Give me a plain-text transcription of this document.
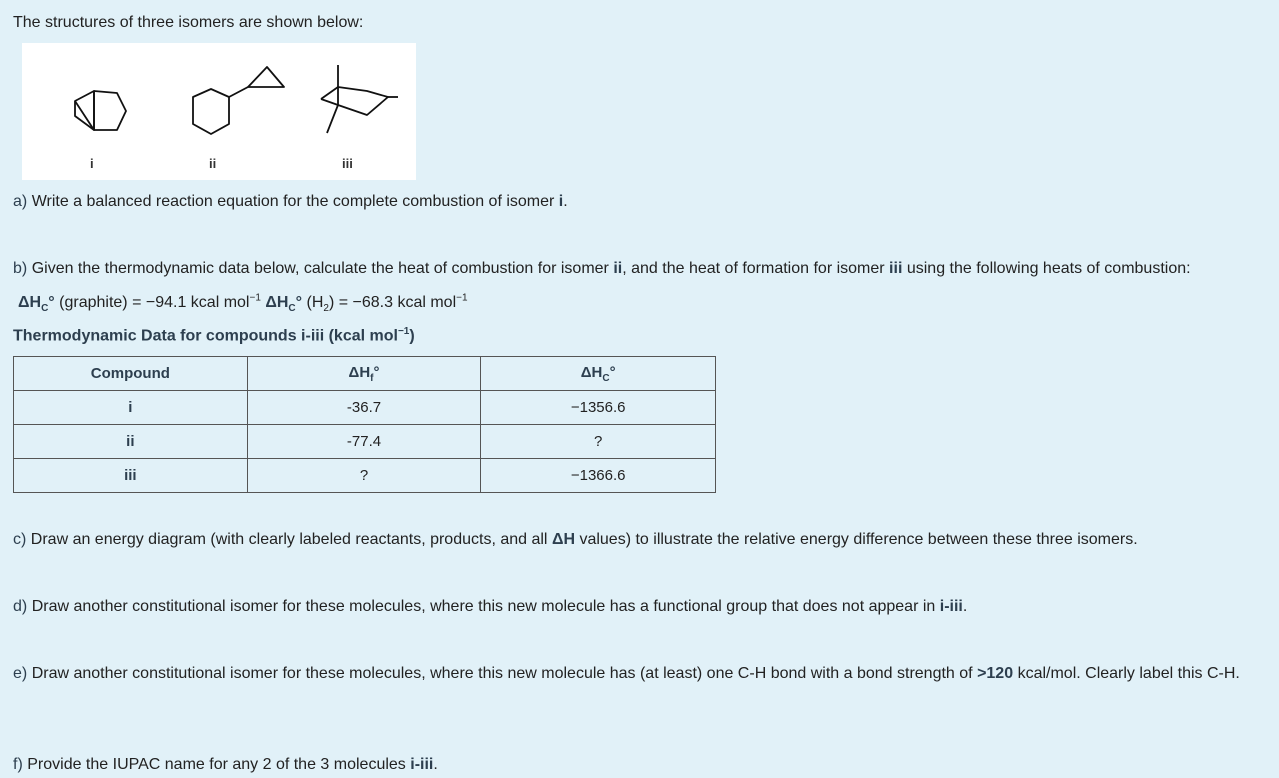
The structures of three isomers are shown below:
i	ii	iii
a) Write a balanced reaction equation for the complete combustion of isomer i.
b) Given the thermodynamic data below, calculate the heat of combustion for isomer ii, and the heat of formation for isomer iii using the following heats of combustion:
$\Delta H_C^\circ$ (graphite) = −94.1 kcal mol$^{-1}$ $\Delta H_C^\circ$ $(H_2) = -68.3$ kcal mol$^{-1}$
Thermodynamic Data for compounds i-iii (kcal mol$^{-1}$)
Compound	$\Delta H_f^\circ$	$\Delta H_C^\circ$
i	-36.7	−1356.6
ii	-77.4	?
iii	?	−1366.6
c) Draw an energy diagram (with clearly labeled reactants, products, and all ΔH values) to illustrate the relative energy difference between these three isomers.
d) Draw another constitutional isomer for these molecules, where this new molecule has a functional group that does not appear in i-iii.
e) Draw another constitutional isomer for these molecules, where this new molecule has (at least) one C-H bond with a bond strength of >120 kcal/mol. Clearly label this C-H.
f) Provide the IUPAC name for any 2 of the 3 molecules i-iii.
